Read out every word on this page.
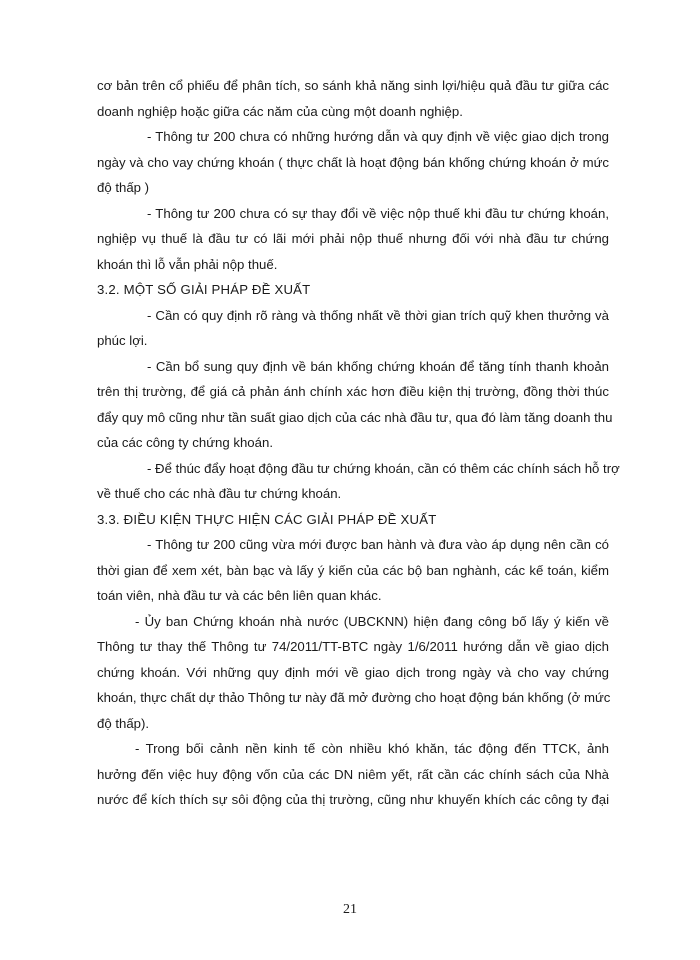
cơ bản trên cổ phiếu để phân tích, so sánh khả năng sinh lợi/hiệu quả đầu tư giữa các
doanh nghiệp hoặc giữa các năm của cùng một doanh nghiệp.
- Thông tư 200 chưa có những hướng dẫn và quy định về việc giao dịch trong
ngày và cho vay chứng khoán ( thực chất là hoạt động bán khống chứng khoán ở mức
độ thấp )
- Thông tư 200 chưa có sự thay đổi về việc nộp thuế khi đầu tư chứng khoán,
nghiệp vụ thuế là đầu tư có lãi mới phải nộp thuế nhưng đối với nhà đầu tư chứng
khoán thì lỗ vẫn phải nộp thuế.
3.2. MỘT SỐ GIẢI PHÁP ĐỀ XUẤT
- Cần có quy định rõ ràng và thống nhất về thời gian trích quỹ khen thưởng và
phúc lợi.
- Cần bổ sung quy định về bán khống chứng khoán để tăng tính thanh khoản
trên thị trường, để giá cả phản ánh chính xác hơn điều kiện thị trường, đồng thời thúc
đẩy quy mô cũng như tần suất giao dịch của các nhà đầu tư, qua đó làm tăng doanh thu
của các công ty chứng khoán.
- Để thúc đẩy hoạt động đầu tư chứng khoán, cần có thêm các chính sách hỗ trợ
về thuế cho các nhà đầu tư chứng khoán.
3.3. ĐIỀU KIỆN THỰC HIỆN CÁC GIẢI PHÁP ĐỀ XUẤT
- Thông tư 200 cũng vừa mới được ban hành và đưa vào áp dụng nên cần có
thời gian để xem xét, bàn bạc và lấy ý kiến của các bộ ban nghành, các kế toán, kiểm
toán viên, nhà đầu tư và các bên liên quan khác.
- Ủy ban Chứng khoán nhà nước (UBCKNN) hiện đang công bố lấy ý kiến về
Thông tư thay thế Thông tư 74/2011/TT-BTC ngày 1/6/2011 hướng dẫn về giao dịch
chứng khoán. Với những quy định mới về giao dịch trong ngày và cho vay chứng
khoán, thực chất dự thảo Thông tư này đã mở đường cho hoạt động bán khống (ở mức
độ thấp).
- Trong bối cảnh nền kinh tế còn nhiều khó khăn, tác động đến TTCK, ảnh
hưởng đến việc huy động vốn của các DN niêm yết, rất cần các chính sách của Nhà
nước để kích thích sự sôi động của thị trường, cũng như khuyến khích các công ty đại
21
